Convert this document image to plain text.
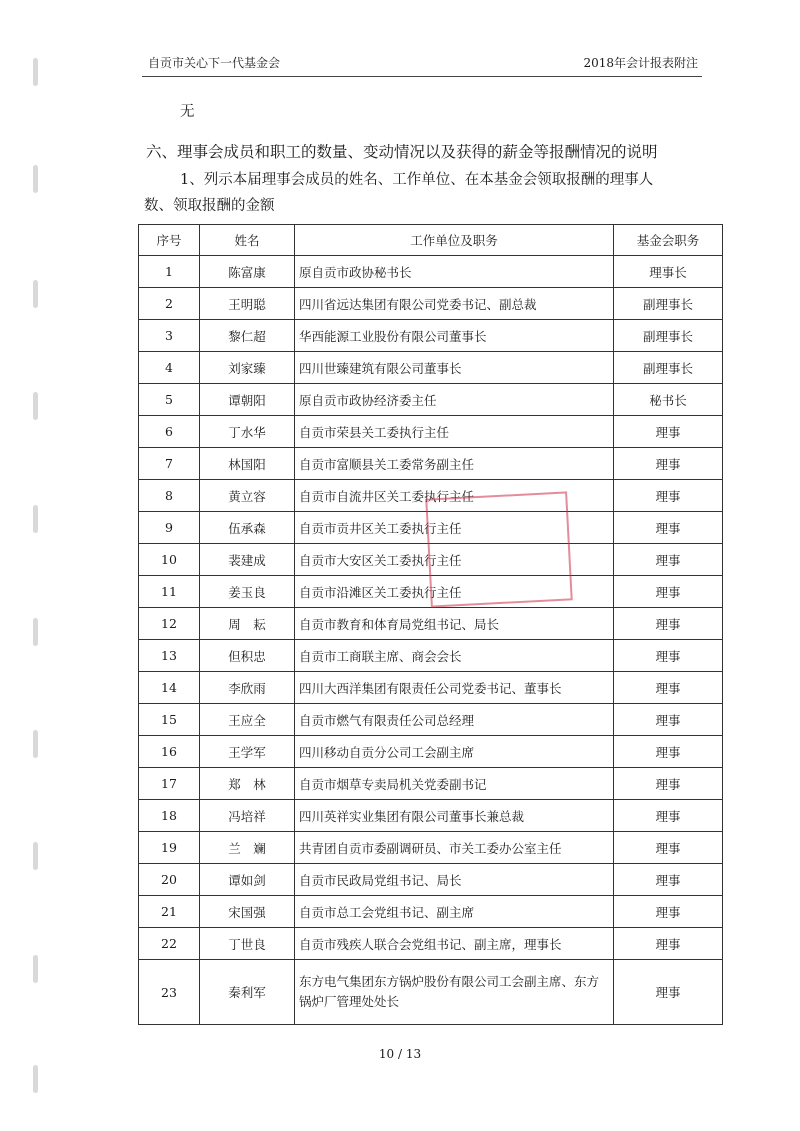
自贡市关心下一代基金会	2018年会计报表附注
无
六、理事会成员和职工的数量、变动情况以及获得的薪金等报酬情况的说明
1、列示本届理事会成员的姓名、工作单位、在本基金会领取报酬的理事人
数、领取报酬的金额
序号	姓名	工作单位及职务	基金会职务
1	陈富康	原自贡市政协秘书长	理事长
2	王明聪	四川省远达集团有限公司党委书记、副总裁	副理事长
3	黎仁超	华西能源工业股份有限公司董事长	副理事长
4	刘家臻	四川世臻建筑有限公司董事长	副理事长
5	谭朝阳	原自贡市政协经济委主任	秘书长
6	丁水华	自贡市荣县关工委执行主任	理事
7	林国阳	自贡市富顺县关工委常务副主任	理事
8	黄立容	自贡市自流井区关工委执行主任	理事
9	伍承森	自贡市贡井区关工委执行主任	理事
10	裴建成	自贡市大安区关工委执行主任	理事
11	姜玉良	自贡市沿滩区关工委执行主任	理事
12	周　耘	自贡市教育和体育局党组书记、局长	理事
13	但积忠	自贡市工商联主席、商会会长	理事
14	李欣雨	四川大西洋集团有限责任公司党委书记、董事长	理事
15	王应全	自贡市燃气有限责任公司总经理	理事
16	王学军	四川移动自贡分公司工会副主席	理事
17	郑　林	自贡市烟草专卖局机关党委副书记	理事
18	冯培祥	四川英祥实业集团有限公司董事长兼总裁	理事
19	兰　斓	共青团自贡市委副调研员、市关工委办公室主任	理事
20	谭如剑	自贡市民政局党组书记、局长	理事
21	宋国强	自贡市总工会党组书记、副主席	理事
22	丁世良	自贡市残疾人联合会党组书记、副主席，理事长	理事
23	秦利军	东方电气集团东方锅炉股份有限公司工会副主席、东方锅炉厂管理处处长	理事
10 / 13
